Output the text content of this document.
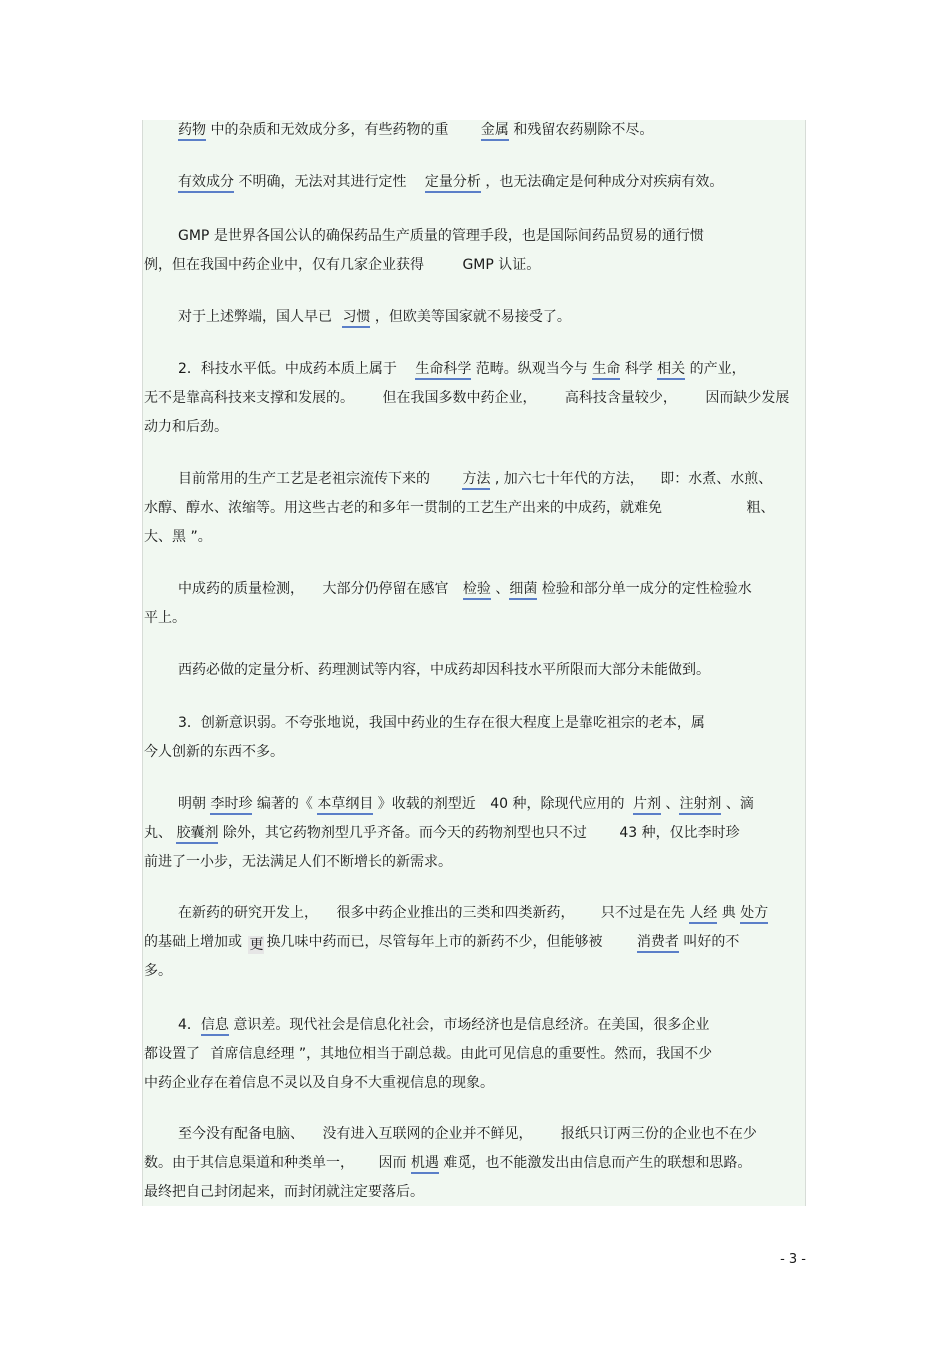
药物 中的杂质和无效成分多，有些药物的重 金属 和残留农药剔除不尽。
有效成分 不明确，无法对其进行定性 定量分析 ，也无法确定是何种成分对疾病有效。
GMP 是世界各国公认的确保药品生产质量的管理手段，也是国际间药品贸易的通行惯
例，但在我国中药企业中，仅有几家企业获得 GMP 认证。
对于上述弊端，国人早已 习惯 ，但欧美等国家就不易接受了。
2．科技水平低。中成药本质上属于 生命科学 范畴。纵观当今与 生命 科学 相关 的产业，
无不是靠高科技来支撑和发展的。 但在我国多数中药企业， 高科技含量较少， 因而缺少发展
动力和后劲。
目前常用的生产工艺是老祖宗流传下来的 方法 , 加六七十年代的方法， 即：水煮、水煎、
水醇、醇水、浓缩等。用这些古老的和多年一贯制的工艺生产出来的中成药，就难免	粗、
大、黑 ”。
中成药的质量检测， 大部分仍停留在感官 检验 、细菌 检验和部分单一成分的定性检验水
平上。
西药必做的定量分析、药理测试等内容，中成药却因科技水平所限而大部分未能做到。
3．创新意识弱。不夸张地说，我国中药业的生存在很大程度上是靠吃祖宗的老本，属
今人创新的东西不多。
明朝 李时珍 编著的《 本草纲目 》收载的剂型近 40 种，除现代应用的 片剂 、注射剂 、滴
丸、 胶囊剂 除外，其它药物剂型几乎齐备。而今天的药物剂型也只不过 43 种，仅比李时珍
前进了一小步，无法满足人们不断增长的新需求。
在新药的研究开发上， 很多中药企业推出的三类和四类新药， 只不过是在先 人经 典 处方
的基础上增加或 更 换几味中药而已，尽管每年上市的新药不少，但能够被 消费者 叫好的不
多。
4．信息 意识差。现代社会是信息化社会，市场经济也是信息经济。在美国，很多企业
都设置了 首席信息经理 ”，其地位相当于副总裁。由此可见信息的重要性。然而，我国不少
中药企业存在着信息不灵以及自身不大重视信息的现象。
至今没有配备电脑、 没有进入互联网的企业并不鲜见， 报纸只订两三份的企业也不在少
数。由于其信息渠道和种类单一， 因而 机遇 难觅，也不能激发出由信息而产生的联想和思路。
最终把自己封闭起来，而封闭就注定要落后。
- 3 -
